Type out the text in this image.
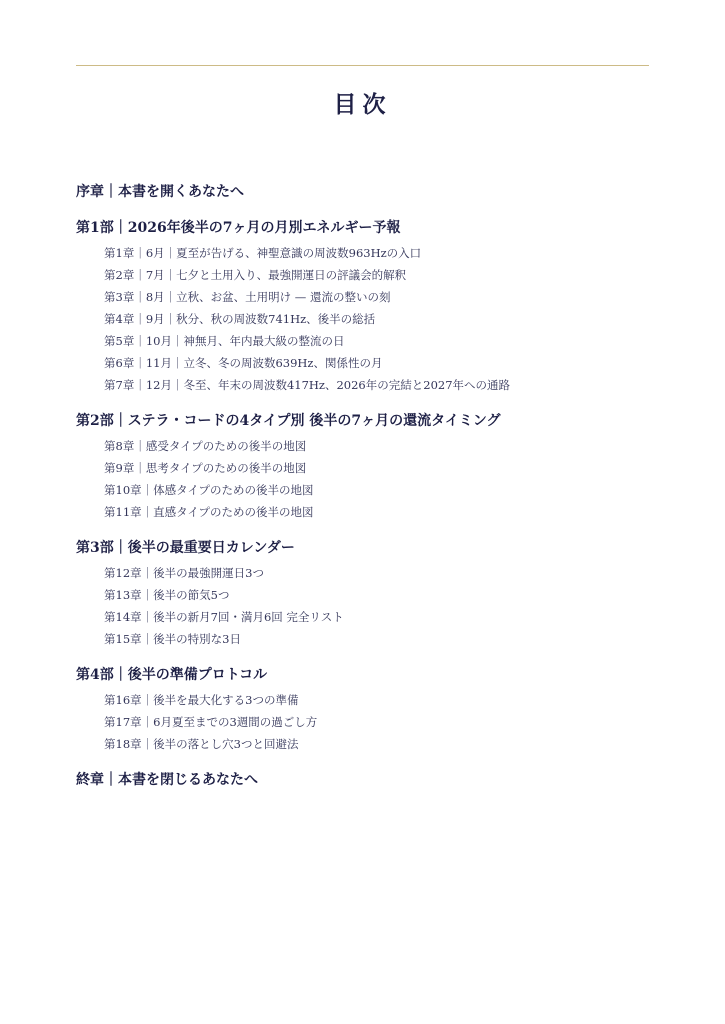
目次
序章｜本書を開くあなたへ
第1部｜2026年後半の7ヶ月の月別エネルギー予報
第1章｜6月｜夏至が告げる、神聖意識の周波数963Hzの入口
第2章｜7月｜七夕と土用入り、最強開運日の評議会的解釈
第3章｜8月｜立秋、お盆、土用明け — 還流の整いの刻
第4章｜9月｜秋分、秋の周波数741Hz、後半の総括
第5章｜10月｜神無月、年内最大級の整流の日
第6章｜11月｜立冬、冬の周波数639Hz、関係性の月
第7章｜12月｜冬至、年末の周波数417Hz、2026年の完結と2027年への通路
第2部｜ステラ・コードの4タイプ別 後半の7ヶ月の還流タイミング
第8章｜感受タイプのための後半の地図
第9章｜思考タイプのための後半の地図
第10章｜体感タイプのための後半の地図
第11章｜直感タイプのための後半の地図
第3部｜後半の最重要日カレンダー
第12章｜後半の最強開運日3つ
第13章｜後半の節気5つ
第14章｜後半の新月7回・満月6回 完全リスト
第15章｜後半の特別な3日
第4部｜後半の準備プロトコル
第16章｜後半を最大化する3つの準備
第17章｜6月夏至までの3週間の過ごし方
第18章｜後半の落とし穴3つと回避法
終章｜本書を閉じるあなたへ
